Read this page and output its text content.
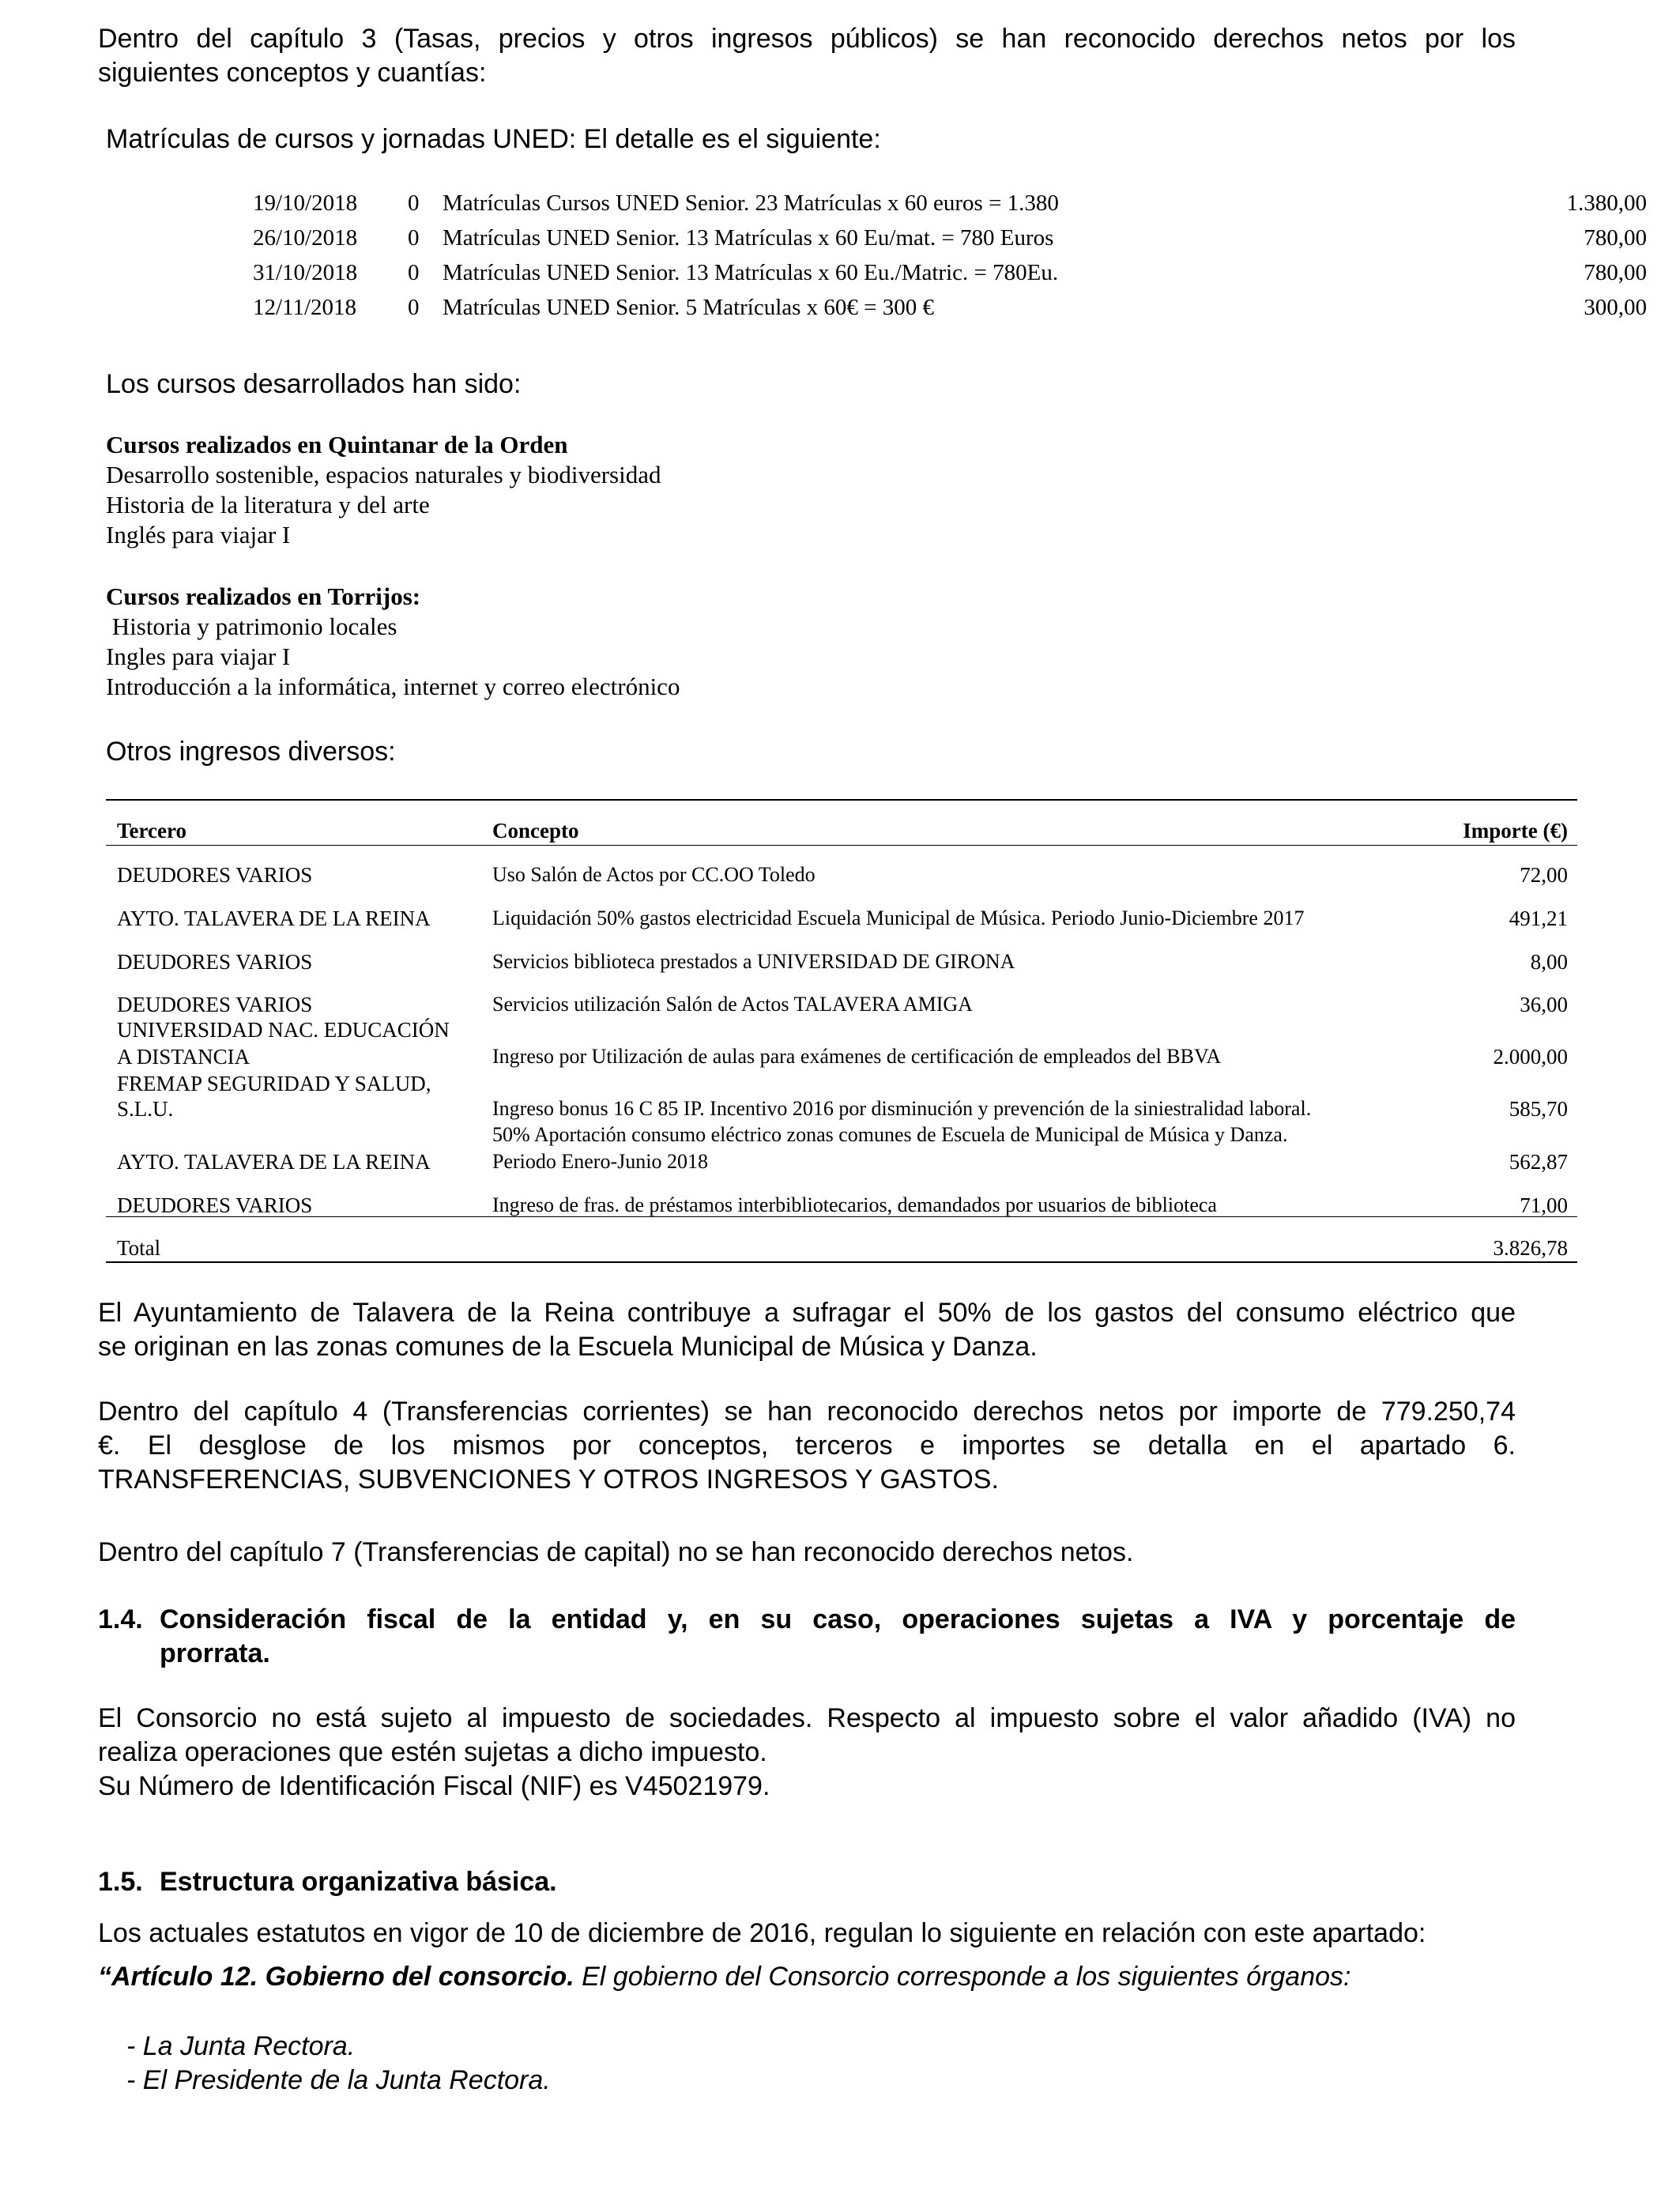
Dentro del capítulo 3 (Tasas, precios y otros ingresos públicos) se han reconocido derechos netos por los
siguientes conceptos y cuantías:
Matrículas de cursos y jornadas UNED: El detalle es el siguiente:
19/10/2018	0	Matrículas Cursos UNED Senior. 23 Matrículas x 60 euros = 1.380	1.380,00
26/10/2018	0	Matrículas UNED Senior. 13 Matrículas x 60 Eu/mat. = 780 Euros	780,00
31/10/2018	0	Matrículas UNED Senior. 13 Matrículas x 60 Eu./Matric. = 780Eu.	780,00
12/11/2018	0	Matrículas UNED Senior. 5 Matrículas x 60€ = 300 €	300,00
Los cursos desarrollados han sido:
Cursos realizados en Quintanar de la Orden
Desarrollo sostenible, espacios naturales y biodiversidad
Historia de la literatura y del arte
Inglés para viajar I
Cursos realizados en Torrijos:
Historia y patrimonio locales
Ingles para viajar I
Introducción a la informática, internet y correo electrónico
Otros ingresos diversos:
Tercero	Concepto	Importe (€)
DEUDORES VARIOS	Uso Salón de Actos por CC.OO Toledo	72,00
AYTO. TALAVERA DE LA REINA	Liquidación 50% gastos electricidad Escuela Municipal de Música. Periodo Junio-Diciembre 2017	491,21
DEUDORES VARIOS	Servicios biblioteca prestados a UNIVERSIDAD DE GIRONA	8,00
DEUDORES VARIOS	Servicios utilización Salón de Actos TALAVERA AMIGA	36,00
UNIVERSIDAD NAC. EDUCACIÓN
A DISTANCIA	Ingreso por Utilización de aulas para exámenes de certificación de empleados del BBVA	2.000,00
FREMAP SEGURIDAD Y SALUD,
S.L.U.	Ingreso bonus 16 C 85 IP. Incentivo 2016 por disminución y prevención de la siniestralidad laboral.	585,70
AYTO. TALAVERA DE LA REINA
50% Aportación consumo eléctrico zonas comunes de Escuela de Municipal de Música y Danza.
Periodo Enero-Junio 2018	562,87
DEUDORES VARIOS	Ingreso de fras. de préstamos interbibliotecarios, demandados por usuarios de biblioteca	71,00
Total	3.826,78
El Ayuntamiento de Talavera de la Reina contribuye a sufragar el 50% de los gastos del consumo eléctrico que
se originan en las zonas comunes de la Escuela Municipal de Música y Danza.
Dentro del capítulo 4 (Transferencias corrientes) se han reconocido derechos netos por importe de 779.250,74
€. El desglose de los mismos por conceptos, terceros e importes se detalla en el apartado 6.
TRANSFERENCIAS, SUBVENCIONES Y OTROS INGRESOS Y GASTOS.
Dentro del capítulo 7 (Transferencias de capital) no se han reconocido derechos netos.
1.4. Consideración fiscal de la entidad y, en su caso, operaciones sujetas a IVA y porcentaje de
prorrata.
El Consorcio no está sujeto al impuesto de sociedades. Respecto al impuesto sobre el valor añadido (IVA) no
realiza operaciones que estén sujetas a dicho impuesto.
Su Número de Identificación Fiscal (NIF) es V45021979.
1.5. Estructura organizativa básica.
Los actuales estatutos en vigor de 10 de diciembre de 2016, regulan lo siguiente en relación con este apartado:
“Artículo 12. Gobierno del consorcio. El gobierno del Consorcio corresponde a los siguientes órganos:
- La Junta Rectora.
- El Presidente de la Junta Rectora.
